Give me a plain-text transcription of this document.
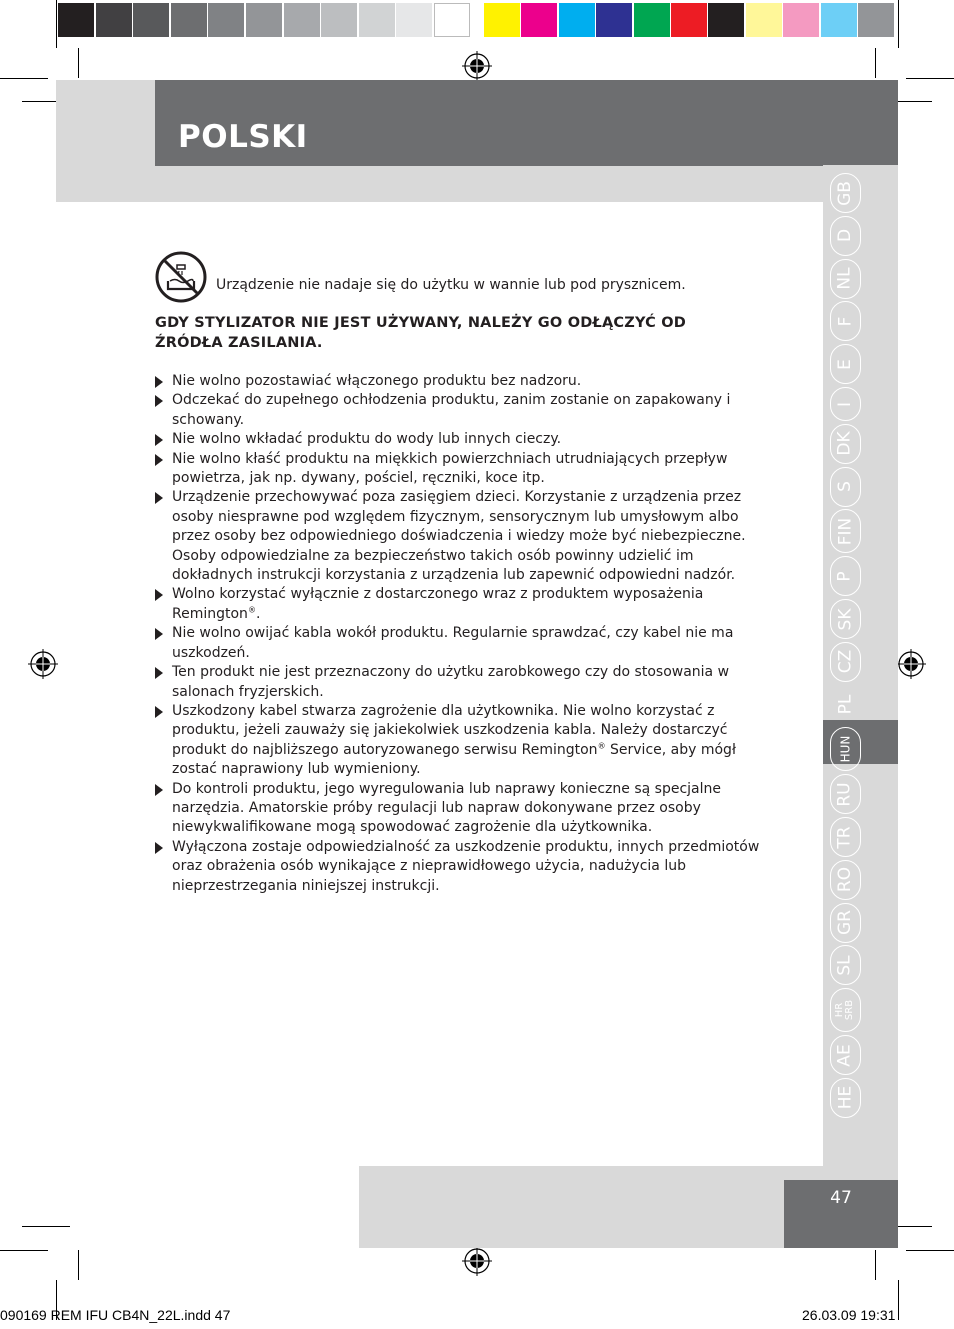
POLSKI
GB
D
NL
F
E
I
DK
S
FIN
P
SK
CZ
PL
HUN
RU
TR
RO
GR
SL
HR
SRB
AE
HE
Urządzenie nie nadaje się do użytku w wannie lub pod prysznicem.
GDY STYLIZATOR NIE JEST UŻYWANY, NALEŻY GO ODŁĄCZYĆ OD ŹRÓDŁA ZASILANIA.
Nie wolno pozostawiać włączonego produktu bez nadzoru.
Odczekać do zupełnego ochłodzenia produktu, zanim zostanie on zapakowany i schowany.
Nie wolno wkładać produktu do wody lub innych cieczy.
Nie wolno kłaść produktu na miękkich powierzchniach utrudniających przepływ powietrza, jak np. dywany, pościel, ręczniki, koce itp.
Urządzenie przechowywać poza zasięgiem dzieci. Korzystanie z urządzenia przez osoby niesprawne pod względem fizycznym, sensorycznym lub umysłowym albo przez osoby bez odpowiedniego doświadczenia i wiedzy może być niebezpieczne. Osoby odpowiedzialne za bezpieczeństwo takich osób powinny udzielić im dokładnych instrukcji korzystania z urządzenia lub zapewnić odpowiedni nadzór.
Wolno korzystać wyłącznie z dostarczonego wraz z produktem wyposażenia Remington®.
Nie wolno owijać kabla wokół produktu. Regularnie sprawdzać, czy kabel nie ma uszkodzeń.
Ten produkt nie jest przeznaczony do użytku zarobkowego czy do stosowania w salonach fryzjerskich.
Uszkodzony kabel stwarza zagrożenie dla użytkownika. Nie wolno korzystać z produktu, jeżeli zauważy się jakiekolwiek uszkodzenia kabla. Należy dostarczyć produkt do najbliższego autoryzowanego serwisu Remington® Service, aby mógł zostać naprawiony lub wymieniony.
Do kontroli produktu, jego wyregulowania lub naprawy konieczne są specjalne narzędzia. Amatorskie próby regulacji lub napraw dokonywane przez osoby niewykwalifikowane mogą spowodować zagrożenie dla użytkownika.
Wyłączona zostaje odpowiedzialność za uszkodzenie produktu, innych przedmiotów oraz obrażenia osób wynikające z nieprawidłowego użycia, nadużycia lub nieprzestrzegania niniejszej instrukcji.
47
090169 REM IFU CB4N_22L.indd 47	26.03.09 19:31
